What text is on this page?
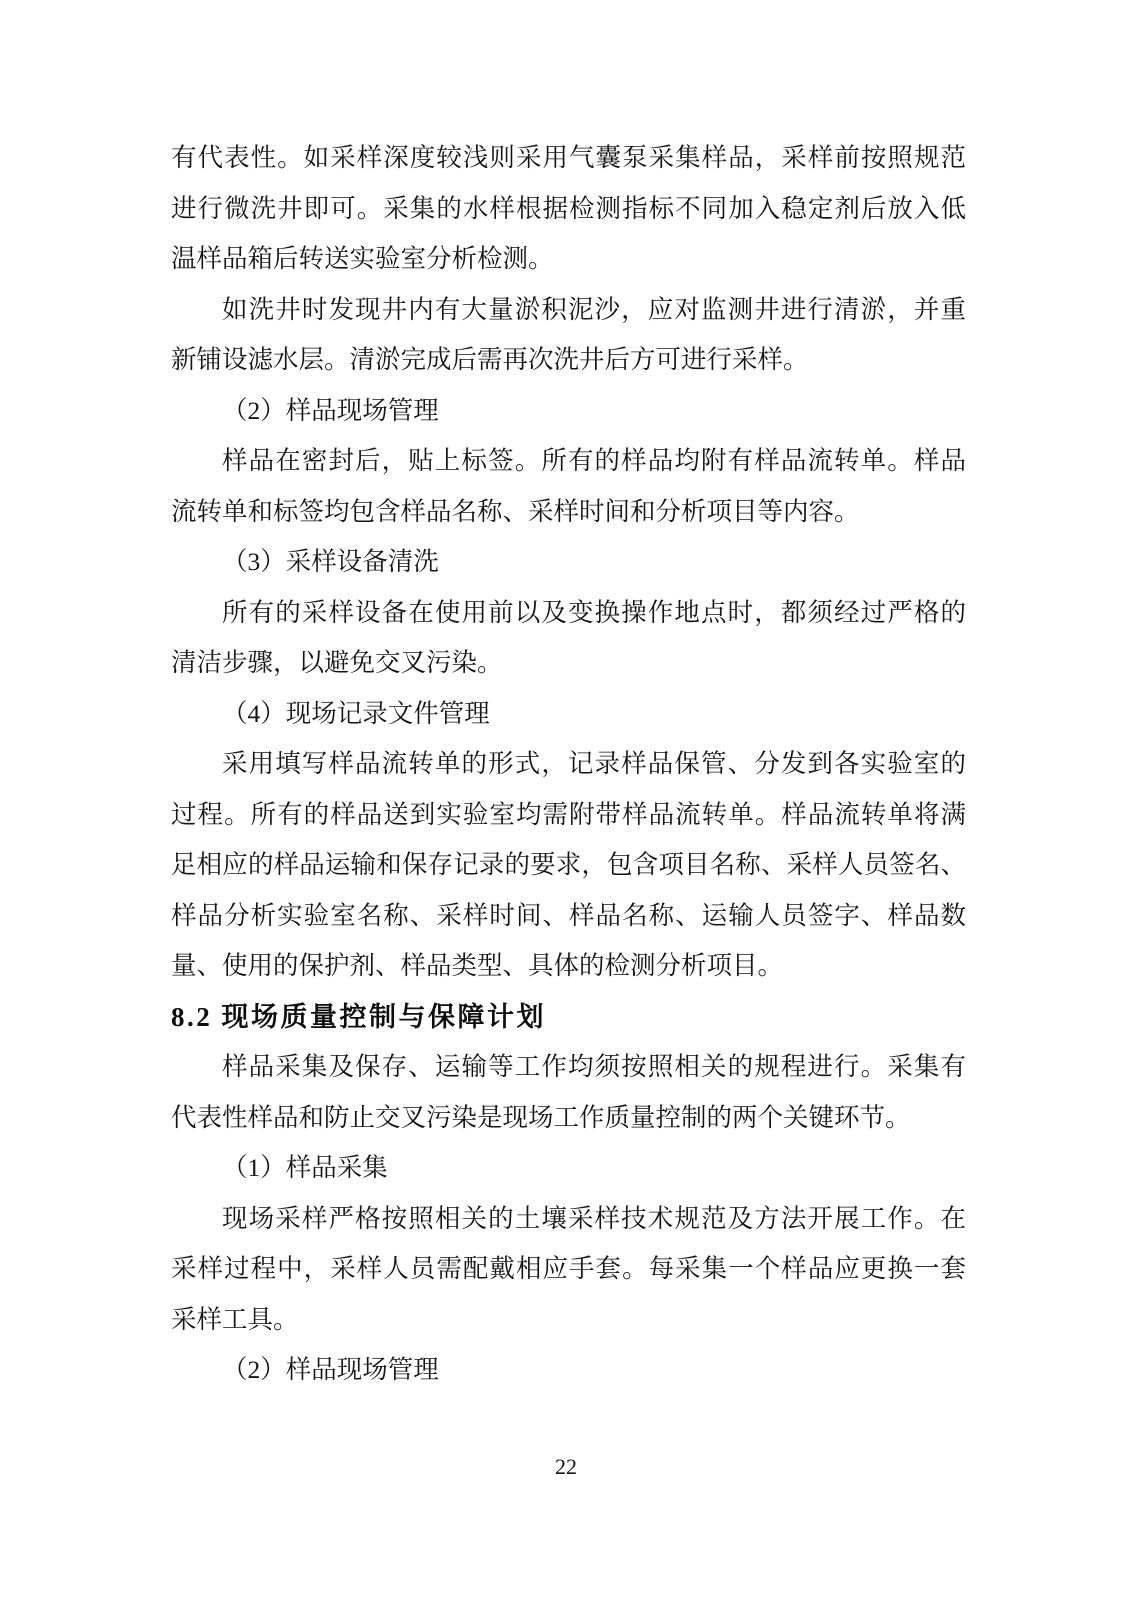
有代表性。如采样深度较浅则采用气囊泵采集样品，采样前按照规范
进行微洗井即可。采集的水样根据检测指标不同加入稳定剂后放入低
温样品箱后转送实验室分析检测。
如洗井时发现井内有大量淤积泥沙，应对监测井进行清淤，并重
新铺设滤水层。清淤完成后需再次洗井后方可进行采样。
（2）样品现场管理
样品在密封后，贴上标签。所有的样品均附有样品流转单。样品
流转单和标签均包含样品名称、采样时间和分析项目等内容。
（3）采样设备清洗
所有的采样设备在使用前以及变换操作地点时，都须经过严格的
清洁步骤，以避免交叉污染。
（4）现场记录文件管理
采用填写样品流转单的形式，记录样品保管、分发到各实验室的
过程。所有的样品送到实验室均需附带样品流转单。样品流转单将满
足相应的样品运输和保存记录的要求，包含项目名称、采样人员签名、
样品分析实验室名称、采样时间、样品名称、运输人员签字、样品数
量、使用的保护剂、样品类型、具体的检测分析项目。
8.2 现场质量控制与保障计划
样品采集及保存、运输等工作均须按照相关的规程进行。采集有
代表性样品和防止交叉污染是现场工作质量控制的两个关键环节。
（1）样品采集
现场采样严格按照相关的土壤采样技术规范及方法开展工作。在
采样过程中，采样人员需配戴相应手套。每采集一个样品应更换一套
采样工具。
（2）样品现场管理
22
